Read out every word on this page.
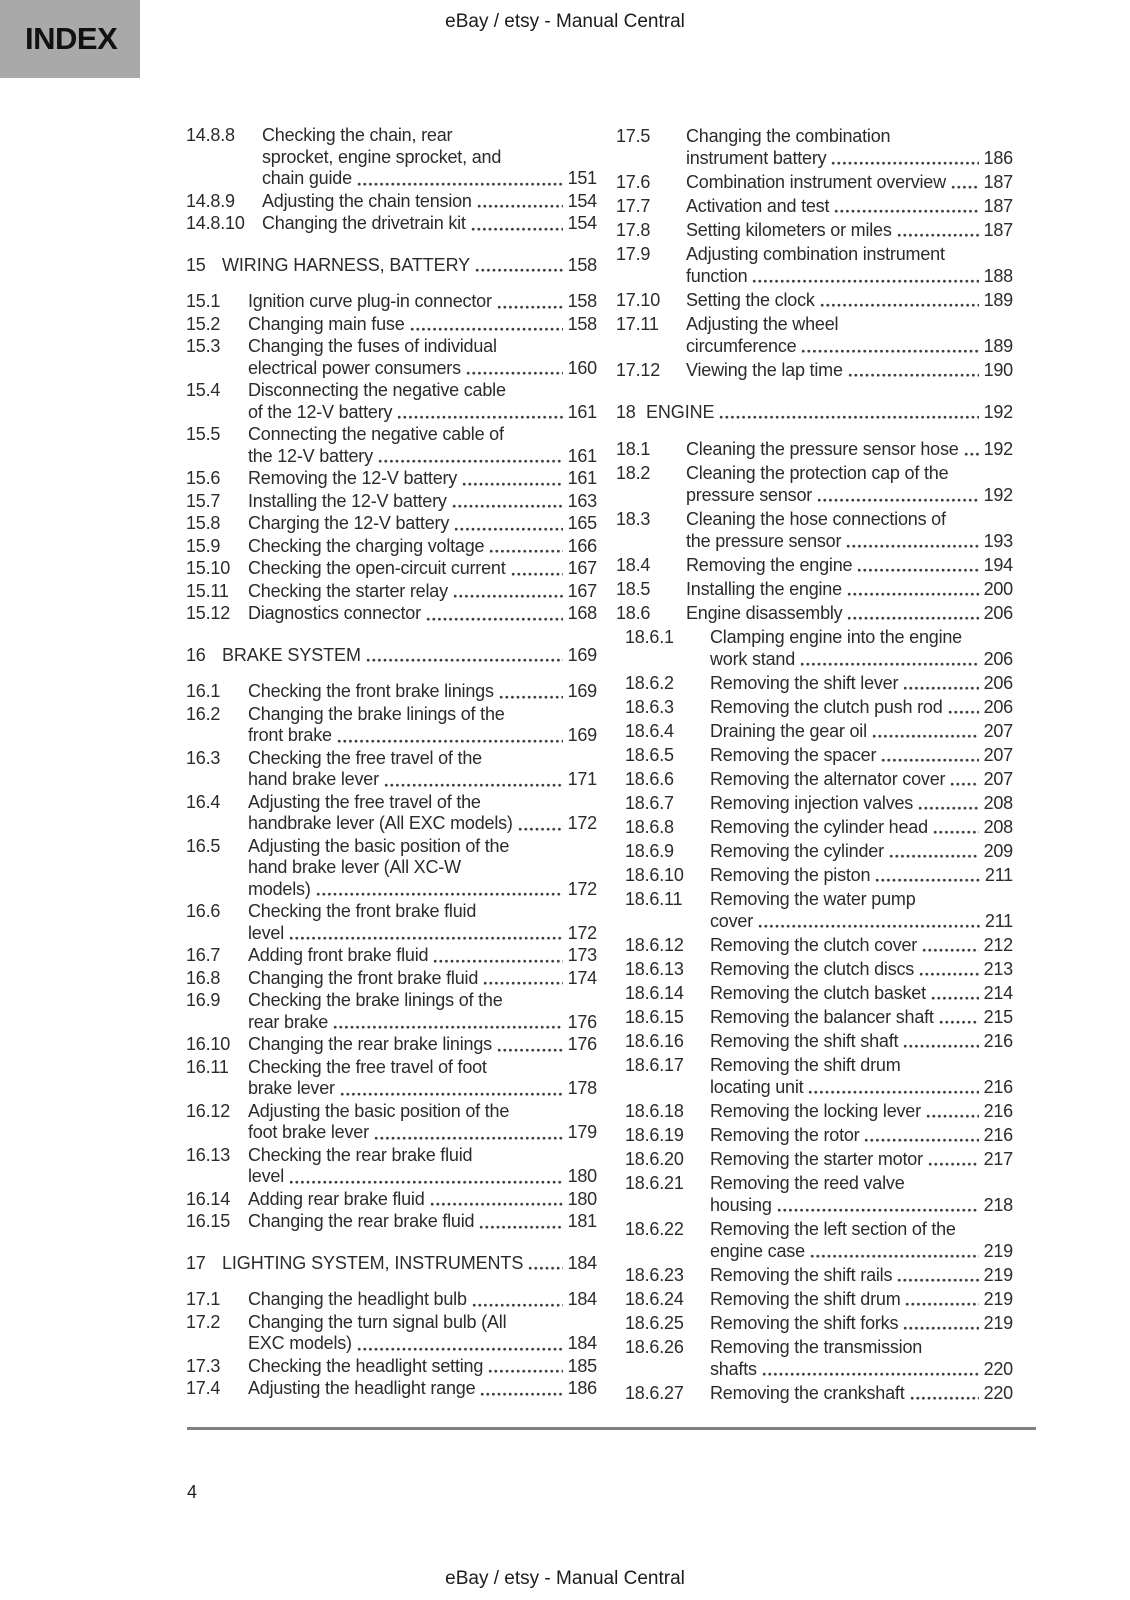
INDEX	eBay / etsy - Manual Central
14.8.8	Checking the chain, rear
sprocket, engine sprocket, and
chain guide	151
14.8.9	Adjusting the chain tension	154
14.8.10 Changing the drivetrain kit	154
15 WIRING HARNESS, BATTERY	158
15.1	Ignition curve plug-in connector	158
15.2	Changing main fuse	158
15.3	Changing the fuses of individual
electrical power consumers	160
15.4	Disconnecting the negative cable
of the 12-V battery	161
15.5	Connecting the negative cable of
the 12-V battery	161
15.6	Removing the 12-V battery	161
15.7	Installing the 12-V battery	163
15.8	Charging the 12-V battery	165
15.9	Checking the charging voltage	166
15.10 Checking the open-circuit current	167
15.11	Checking the starter relay	167
15.12 Diagnostics connector	168
16 BRAKE SYSTEM	169
16.1	Checking the front brake linings	169
16.2	Changing the brake linings of the
front brake	169
16.3	Checking the free travel of the
hand brake lever	171
16.4	Adjusting the free travel of the
handbrake lever (All EXC models)	172
16.5	Adjusting the basic position of the
hand brake lever (All XC-W
models)	172
16.6	Checking the front brake fluid
level	172
16.7	Adding front brake fluid	173
16.8	Changing the front brake fluid	174
16.9	Checking the brake linings of the
rear brake	176
16.10 Changing the rear brake linings	176
16.11	Checking the free travel of foot
brake lever	178
16.12 Adjusting the basic position of the
foot brake lever	179
16.13 Checking the rear brake fluid
level	180
16.14 Adding rear brake fluid	180
16.15 Changing the rear brake fluid	181
17 LIGHTING SYSTEM, INSTRUMENTS 184
17.1	Changing the headlight bulb	184
17.2	Changing the turn signal bulb (All
EXC models)	184
17.3	Checking the headlight setting	185
17.4	Adjusting the headlight range	186
17.5	Changing the combination
instrument battery	186
17.6	Combination instrument overview 187
17.7	Activation and test	187
17.8	Setting kilometers or miles	187
17.9	Adjusting combination instrument
function	188
17.10	Setting the clock	189
17.11	Adjusting the wheel
circumference	189
17.12	Viewing the lap time	190
18 ENGINE	192
18.1	Cleaning the pressure sensor hose 192
18.2	Cleaning the protection cap of the
pressure sensor	192
18.3	Cleaning the hose connections of
the pressure sensor	193
18.4	Removing the engine	194
18.5	Installing the engine	200
18.6	Engine disassembly	206
18.6.1	Clamping engine into the engine
work stand	206
18.6.2	Removing the shift lever	206
18.6.3	Removing the clutch push rod 206
18.6.4	Draining the gear oil	207
18.6.5	Removing the spacer	207
18.6.6	Removing the alternator cover 207
18.6.7	Removing injection valves	208
18.6.8	Removing the cylinder head	208
18.6.9	Removing the cylinder	209
18.6.10	Removing the piston	211
18.6.11	Removing the water pump
cover	211
18.6.12	Removing the clutch cover	212
18.6.13	Removing the clutch discs	213
18.6.14	Removing the clutch basket	214
18.6.15	Removing the balancer shaft	215
18.6.16	Removing the shift shaft	216
18.6.17	Removing the shift drum
locating unit	216
18.6.18	Removing the locking lever	216
18.6.19	Removing the rotor	216
18.6.20	Removing the starter motor	217
18.6.21	Removing the reed valve
housing	218
18.6.22	Removing the left section of the
engine case	219
18.6.23	Removing the shift rails	219
18.6.24	Removing the shift drum	219
18.6.25	Removing the shift forks	219
18.6.26	Removing the transmission
shafts	220
18.6.27	Removing the crankshaft	220
4
eBay / etsy - Manual Central
